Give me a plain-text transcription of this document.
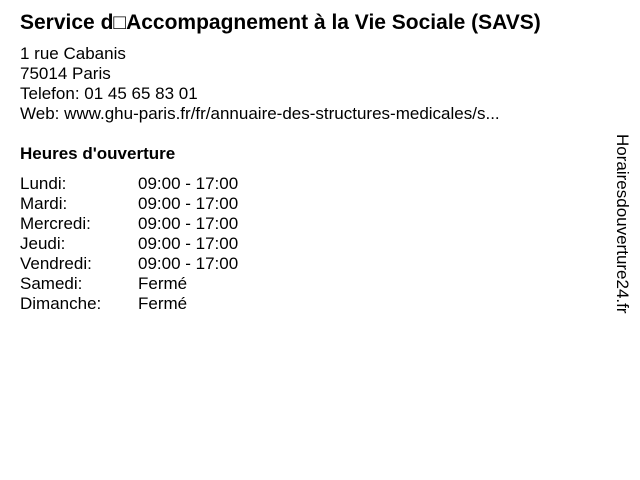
Service d□Accompagnement à la Vie Sociale (SAVS)
1 rue Cabanis
75014 Paris
Telefon: 01 45 65 83 01
Web: www.ghu-paris.fr/fr/annuaire-des-structures-medicales/s...
Heures d'ouverture
Lundi:	09:00 - 17:00
Mardi:	09:00 - 17:00
Mercredi:	09:00 - 17:00
Jeudi:	09:00 - 17:00
Vendredi:	09:00 - 17:00
Samedi:	Fermé
Dimanche:	Fermé	Horairesdouverture24.fr
